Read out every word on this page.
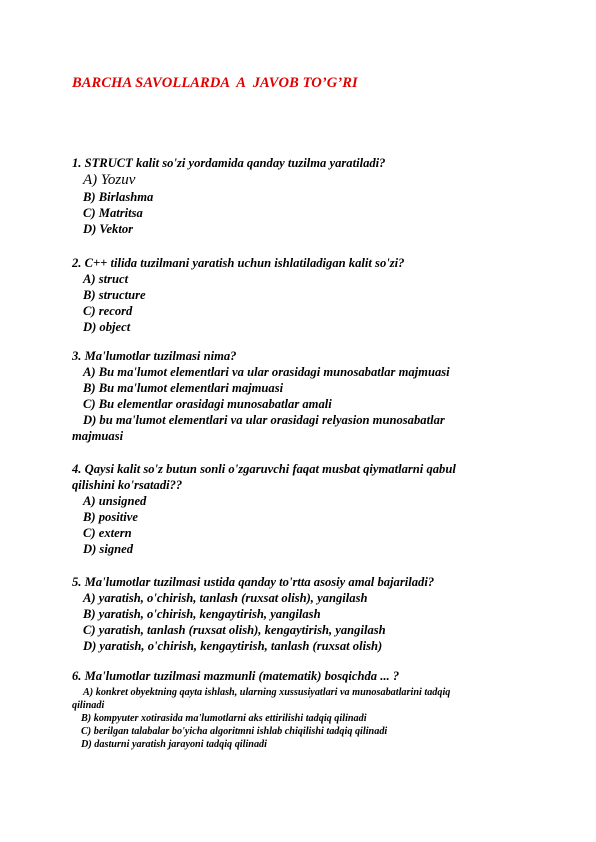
BARCHA SAVOLLARDA  A  JAVOB TO’G’RI

1. STRUCT kalit so'zi yordamida qanday tuzilma yaratiladi?

A) Yozuv
B) Birlashma
C) Matritsa
D) Vektor

2. C++ tilida tuzilmani yaratish uchun ishlatiladigan kalit so'zi?

A) struct
B) structure
C) record
D) object

3. Ma'lumotlar tuzilmasi nima?

A) Bu ma'lumot elementlari va ular orasidagi munosabatlar majmuasi
B) Bu ma'lumot elementlari majmuasi
C) Bu elementlar orasidagi munosabatlar amali
D) bu ma'lumot elementlari va ular orasidagi relyasion munosabatlar
majmuasi

4. Qaysi kalit so'z butun sonli o'zgaruvchi faqat musbat qiymatlarni qabul

qilishini ko'rsatadi??

A) unsigned
B) positive
C) extern
D) signed

5. Ma'lumotlar tuzilmasi ustida qanday to'rtta asosiy amal bajariladi?

A) yaratish, o'chirish, tanlash (ruxsat olish), yangilash
B) yaratish, o'chirish, kengaytirish, yangilash
C) yaratish, tanlash (ruxsat olish), kengaytirish, yangilash
D) yaratish, o'chirish, kengaytirish, tanlash (ruxsat olish)

6. Ma'lumotlar tuzilmasi mazmunli (matematik) bosqichda ... ?

A) konkret obyektning qayta ishlash, ularning xussusiyatlari va munosabatlarini tadqiq
qilinadi
B) kompyuter xotirasida ma'lumotlarni aks ettirilishi tadqiq qilinadi
C) berilgan talabalar bo'yicha algoritmni ishlab chiqilishi tadqiq qilinadi
D) dasturni yaratish jarayoni tadqiq qilinadi
